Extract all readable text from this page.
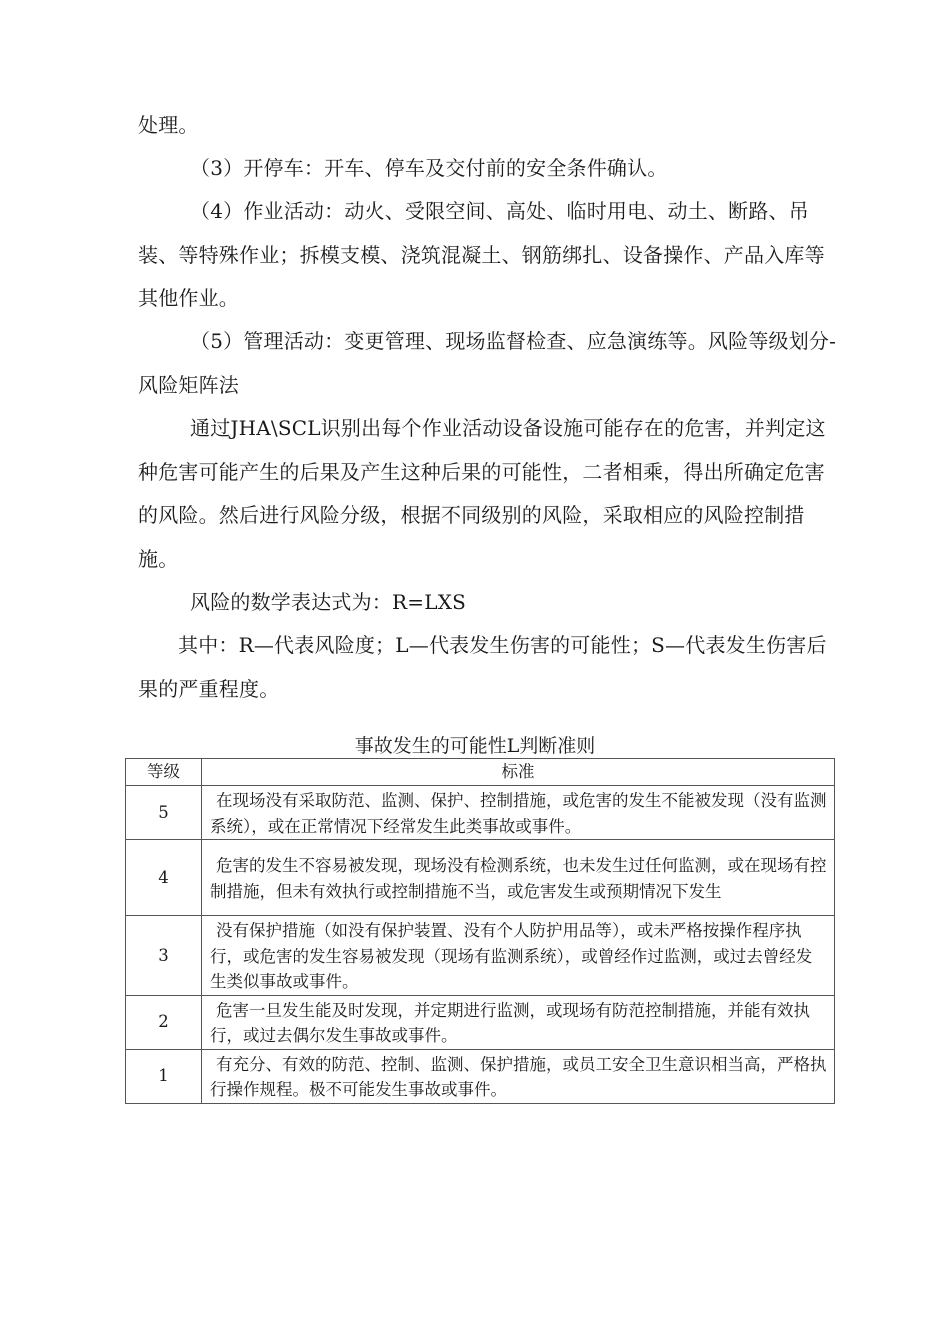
处理。

（3）开停车：开车、停车及交付前的安全条件确认。

（4）作业活动：动火、受限空间、高处、临时用电、动土、断路、吊装、等特殊作业；拆模支模、浇筑混凝土、钢筋绑扎、设备操作、产品入库等其他作业。

（5）管理活动：变更管理、现场监督检查、应急演练等。风险等级划分-风险矩阵法

通过JHA\SCL识别出每个作业活动设备设施可能存在的危害，并判定这种危害可能产生的后果及产生这种后果的可能性，二者相乘，得出所确定危害的风险。然后进行风险分级，根据不同级别的风险，采取相应的风险控制措施。

风险的数学表达式为：R=LXS

其中：R—代表风险度；L—代表发生伤害的可能性；S—代表发生伤害后果的严重程度。

事故发生的可能性L判断准则

等级	标准
5	在现场没有采取防范、监测、保护、控制措施，或危害的发生不能被发现（没有监测系统），或在正常情况下经常发生此类事故或事件。
4	危害的发生不容易被发现，现场没有检测系统，也未发生过任何监测，或在现场有控制措施，但未有效执行或控制措施不当，或危害发生或预期情况下发生
3	没有保护措施（如没有保护装置、没有个人防护用品等），或未严格按操作程序执行，或危害的发生容易被发现（现场有监测系统），或曾经作过监测，或过去曾经发生类似事故或事件。
2	危害一旦发生能及时发现，并定期进行监测，或现场有防范控制措施，并能有效执行，或过去偶尔发生事故或事件。
1	有充分、有效的防范、控制、监测、保护措施，或员工安全卫生意识相当高，严格执行操作规程。极不可能发生事故或事件。
